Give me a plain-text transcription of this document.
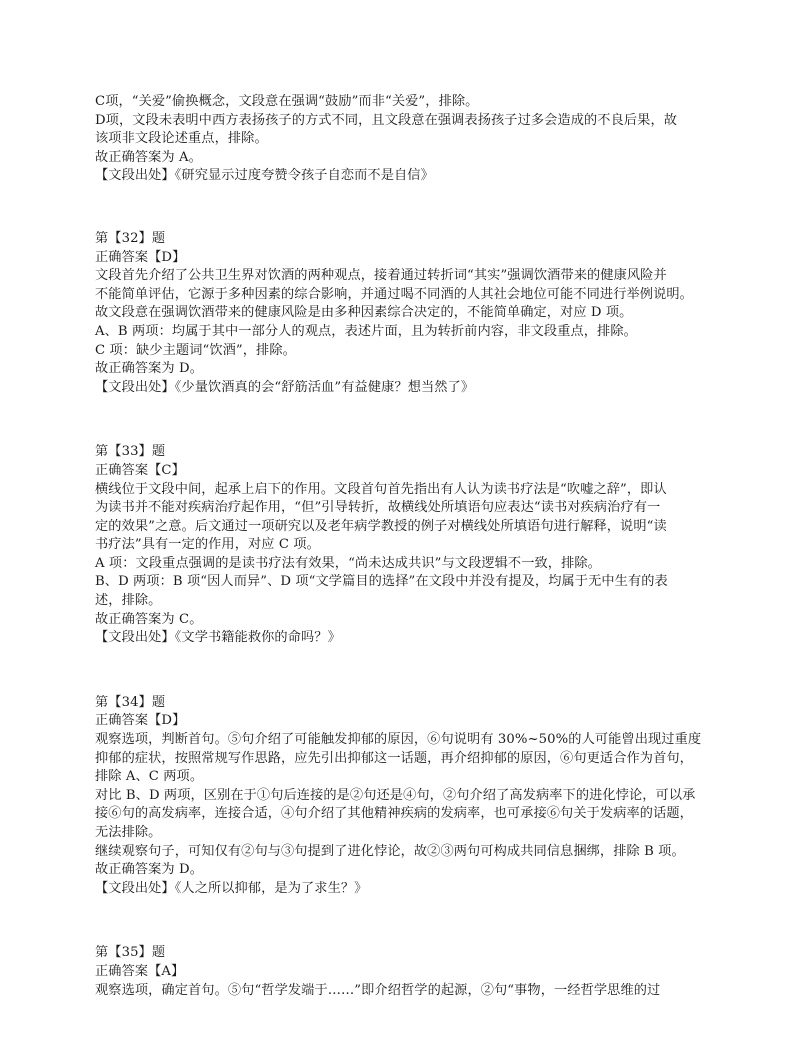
C项，“关爱”偷换概念，文段意在强调“鼓励”而非“关爱”，排除。
D项，文段未表明中西方表扬孩子的方式不同，且文段意在强调表扬孩子过多会造成的不良后果，故
该项非文段论述重点，排除。
故正确答案为 A。
【文段出处】《研究显示过度夸赞令孩子自恋而不是自信》
第【32】题
正确答案【D】
文段首先介绍了公共卫生界对饮酒的两种观点，接着通过转折词“其实”强调饮酒带来的健康风险并
不能简单评估，它源于多种因素的综合影响，并通过喝不同酒的人其社会地位可能不同进行举例说明。
故文段意在强调饮酒带来的健康风险是由多种因素综合决定的，不能简单确定，对应 D 项。
A、B 两项：均属于其中一部分人的观点，表述片面，且为转折前内容，非文段重点，排除。
C 项：缺少主题词“饮酒”，排除。
故正确答案为 D。
【文段出处】《少量饮酒真的会“舒筋活血”有益健康？想当然了》
第【33】题
正确答案【C】
横线位于文段中间，起承上启下的作用。文段首句首先指出有人认为读书疗法是“吹嘘之辞”，即认
为读书并不能对疾病治疗起作用，“但”引导转折，故横线处所填语句应表达“读书对疾病治疗有一
定的效果”之意。后文通过一项研究以及老年病学教授的例子对横线处所填语句进行解释，说明“读
书疗法”具有一定的作用，对应 C 项。
A 项：文段重点强调的是读书疗法有效果，“尚未达成共识”与文段逻辑不一致，排除。
B、D 两项：B 项“因人而异”、D 项“文学篇目的选择”在文段中并没有提及，均属于无中生有的表
述，排除。
故正确答案为 C。
【文段出处】《文学书籍能救你的命吗？》
第【34】题
正确答案【D】
观察选项，判断首句。⑤句介绍了可能触发抑郁的原因，⑥句说明有 30%~50%的人可能曾出现过重度
抑郁的症状，按照常规写作思路，应先引出抑郁这一话题，再介绍抑郁的原因，⑥句更适合作为首句，
排除 A、C 两项。
对比 B、D 两项，区别在于①句后连接的是②句还是④句，②句介绍了高发病率下的进化悖论，可以承
接⑥句的高发病率，连接合适，④句介绍了其他精神疾病的发病率，也可承接⑥句关于发病率的话题，
无法排除。
继续观察句子，可知仅有②句与③句提到了进化悖论，故②③两句可构成共同信息捆绑，排除 B 项。
故正确答案为 D。
【文段出处】《人之所以抑郁，是为了求生？》
第【35】题
正确答案【A】
观察选项，确定首句。⑤句“哲学发端于……”即介绍哲学的起源，②句“事物，一经哲学思维的过
